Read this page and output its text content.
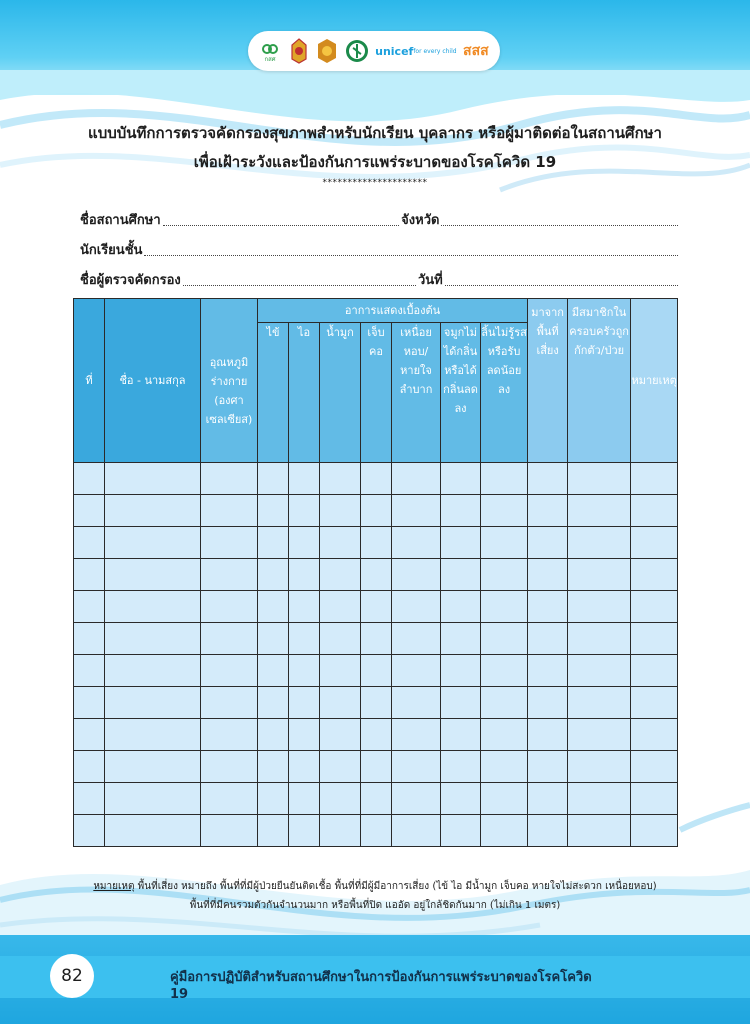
กสศ
unicef for every child สสส
แบบบันทึกการตรวจคัดกรองสุขภาพสำหรับนักเรียน บุคลากร หรือผู้มาติดต่อในสถานศึกษา
เพื่อเฝ้าระวังและป้องกันการแพร่ระบาดของโรคโควิด 19
*********************
ชื่อสถานศึกษา	จังหวัด
นักเรียนชั้น
ชื่อผู้ตรวจคัดกรอง	วันที่
ที่	ชื่อ - นามสกุล	อุณหภูมิร่างกาย (องศาเซลเซียส)	อาการแสดงเบื้องต้น							มาจากพื้นที่เสี่ยง	มีสมาชิกในครอบครัวถูกกักตัว/ป่วย	หมายเหตุ
			ไข้	ไอ	น้ำมูก	เจ็บคอ	เหนื่อยหอบ/หายใจลำบาก	จมูกไม่ได้กลิ่นหรือได้กลิ่นลดลง	ลิ้นไม่รู้รสหรือรับลดน้อยลง			

หมายเหตุ พื้นที่เสี่ยง หมายถึง พื้นที่ที่มีผู้ป่วยยืนยันติดเชื้อ พื้นที่ที่มีผู้มีอาการเสี่ยง (ไข้ ไอ มีน้ำมูก เจ็บคอ หายใจไม่สะดวก เหนื่อยหอบ)
พื้นที่ที่มีคนรวมตัวกันจำนวนมาก หรือพื้นที่ปิด แออัด อยู่ใกล้ชิดกันมาก (ไม่เกิน 1 เมตร)
82	คู่มือการปฏิบัติสำหรับสถานศึกษาในการป้องกันการแพร่ระบาดของโรคโควิด 19
